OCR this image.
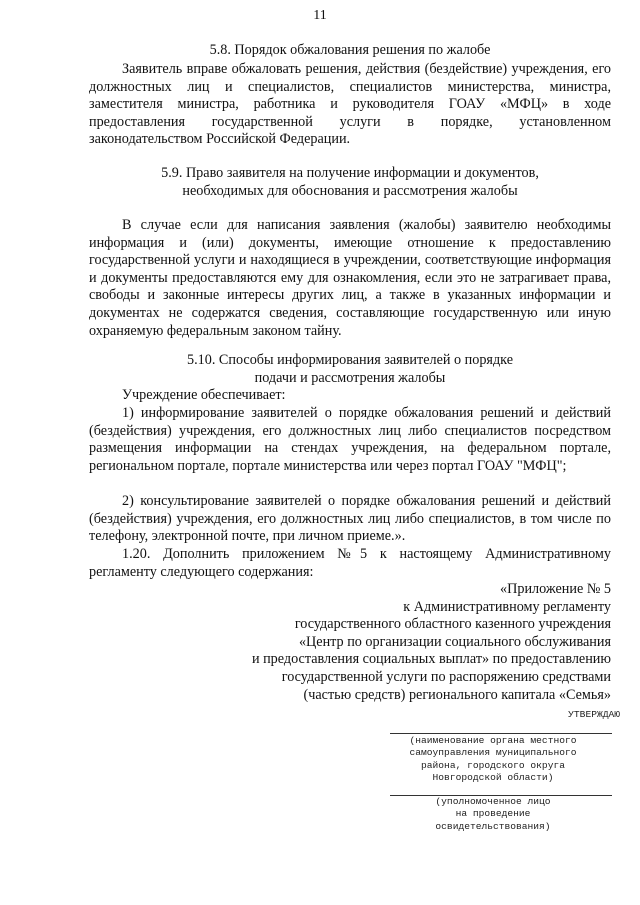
11
5.8. Порядок обжалования решения по жалобе
Заявитель вправе обжаловать решения, действия (бездействие) учреждения, его должностных лиц и специалистов, специалистов министерства, министра, заместителя министра, работника и руководителя ГОАУ «МФЦ» в ходе предоставления государственной услуги в порядке, установленном законодательством Российской Федерации.
5.9. Право заявителя на получение информации и документов,
необходимых для обоснования и рассмотрения жалобы
В случае если для написания заявления (жалобы) заявителю необходимы информация и (или) документы, имеющие отношение к предоставлению государственной услуги и находящиеся в учреждении, соответствующие информация и документы предоставляются ему для ознакомления, если это не затрагивает права, свободы и законные интересы других лиц, а также в указанных информации и документах не содержатся сведения, составляющие государственную или иную охраняемую федеральным законом тайну.
5.10. Способы информирования заявителей о порядке
подачи и рассмотрения жалобы
Учреждение обеспечивает:
1) информирование заявителей о порядке обжалования решений и действий (бездействия) учреждения, его должностных лиц либо специалистов посредством размещения информации на стендах учреждения, на федеральном портале, региональном портале, портале министерства или через портал ГОАУ "МФЦ";
2) консультирование заявителей о порядке обжалования решений и действий (бездействия) учреждения, его должностных лиц либо специалистов, в том числе по телефону, электронной почте, при личном приеме.».
1.20. Дополнить приложением №5 к настоящему Административному регламенту следующего содержания:
«Приложение № 5
к Административному регламенту
государственного областного казенного учреждения
«Центр по организации социального обслуживания
и предоставления социальных выплат» по предоставлению
государственной услуги по распоряжению средствами
(частью средств) регионального капитала «Семья»
УТВЕРЖДАЮ
(наименование органа местного
самоуправления муниципального
района, городского округа
Новгородской области)
(уполномоченное лицо
на проведение
освидетельствования)
